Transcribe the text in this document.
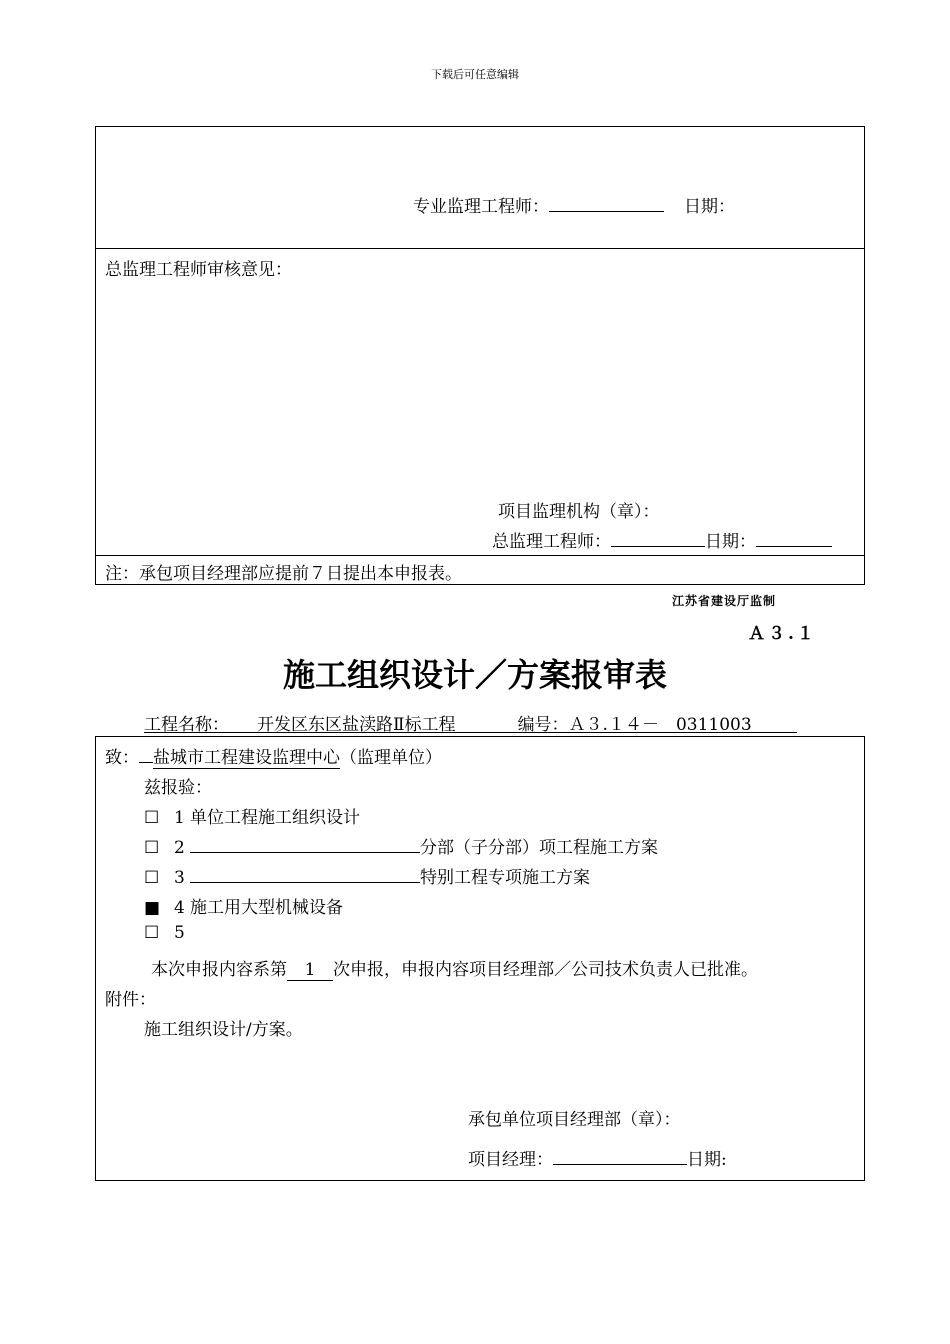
下载后可任意编辑
专业监理工程师：	日期：
总监理工程师审核意见：
项目监理机构（章）：
总监理工程师：	日期：
注：承包项目经理部应提前７日提出本申报表。
江苏省建设厅监制
Ａ３.１
施工组织设计／方案报审表
工程名称： 开发区东区盐渎路Ⅱ标工程	编号：Ａ３.１４－　0311003
致： 盐城市工程建设监理中心（监理单位）
兹报验：
☐ 1 单位工程施工组织设计
☐ 2	分部（子分部）项工程施工方案
☐ 3	特别工程专项施工方案
■ 4 施工用大型机械设备
☐ 5
本次申报内容系第 1 次申报，申报内容项目经理部／公司技术负责人已批准。
附件：
施工组织设计/方案。
承包单位项目经理部（章）：
项目经理：	日期:
